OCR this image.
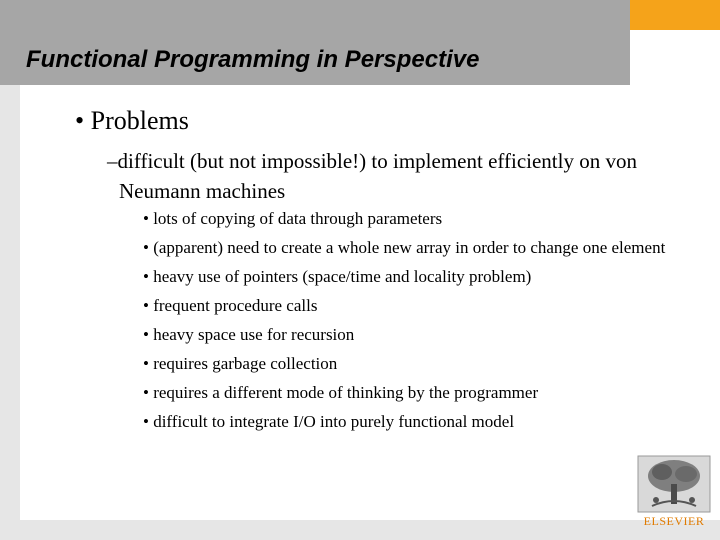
Functional Programming in Perspective
• Problems
–difficult (but not impossible!) to implement efficiently on von Neumann machines
• lots of copying of data through parameters
• (apparent) need to create a whole new array in order to change one element
• heavy use of pointers (space/time and locality problem)
• frequent procedure calls
• heavy space use for recursion
• requires garbage collection
• requires a different mode of thinking by the programmer
• difficult to integrate I/O into purely functional model
ELSEVIER
